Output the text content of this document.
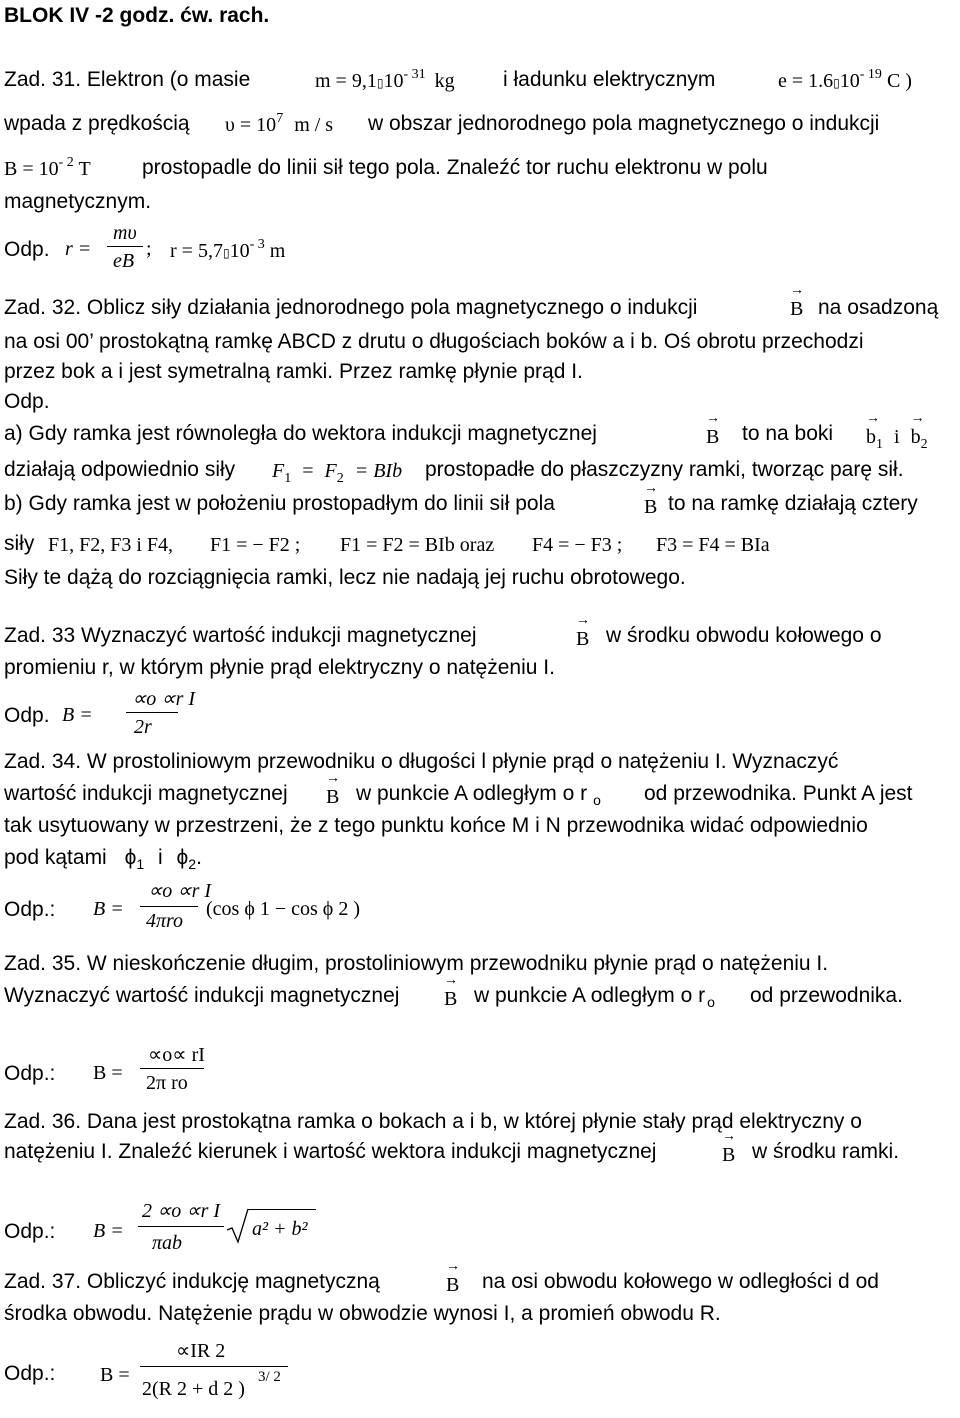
BLOK IV -2 godz. ćw. rach.
Zad. 31. Elektron (o masie	$m = 9,1▯10^{- 31}$ kg i ładunku elektrycznym	$e = 1.6▯10^{- 19}$ C )
wpada z prędkością $\upsilon = 10^7$ m / s w obszar jednorodnego pola magnetycznego o indukcji
$B = 10^{- 2}$ T prostopadle do linii sił tego pola. Znaleźć tor ruchu elektronu w polu
magnetycznym.
Odp. r =
mυ
eB
; $r = 5,7▯10^{- 3}$ m
Zad. 32. Oblicz siły działania jednorodnego pola magnetycznego o indukcji	→ B na osadzoną
na osi 00’ prostokątną ramkę ABCD z drutu o długościach boków a i b. Oś obrotu przechodzi
przez bok a i jest symetralną ramki. Przez ramkę płynie prąd I.
Odp.
a) Gdy ramka jest równoległa do wektora indukcji magnetycznej	→ B to na boki → $b_1$ $i \to b_2$
działają odpowiednio siły $F_1 = F_2$ = BIb prostopadłe do płaszczyzny ramki, tworząc parę sił.
b) Gdy ramka jest w położeniu prostopadłym do linii sił pola	→ B to na ramkę działają cztery
siły F1, F2, F3 i F4, F1 = − F2 ; F1 = F2 = BIb oraz F4 = − F3 ; F3 = F4 = BIa
Siły te dążą do rozciągnięcia ramki, lecz nie nadają jej ruchu obrotowego.
Zad. 33 Wyznaczyć wartość indukcji magnetycznej	→ B w środku obwodu kołowego o
promieniu r, w którym płynie prąd elektryczny o natężeniu I.
Odp. B =
∝o ∝r I
2r
Zad. 34. W prostoliniowym przewodniku o długości l płynie prąd o natężeniu I. Wyznaczyć
wartość indukcji magnetycznej → B w punkcie A odległym o r $_o$ od przewodnika. Punkt A jest
tak usytuowany w przestrzeni, że z tego punktu końce M i N przewodnika widać odpowiednio
pod kątami $\phi_1$ i $\phi_2$.
Odp.: B =
∝o ∝r I
4πro
(cos ϕ 1 − cos ϕ 2 )
Zad. 35. W nieskończenie długim, prostoliniowym przewodniku płynie prąd o natężeniu I.
Wyznaczyć wartość indukcji magnetycznej → B w punkcie A odległym o r $_o$ od przewodnika.
Odp.: B =
∝o∝ rI
2π ro
Zad. 36. Dana jest prostokątna ramka o bokach a i b, w której płynie stały prąd elektryczny o
natężeniu I. Znaleźć kierunek i wartość wektora indukcji magnetycznej	→ B w środku ramki.
Odp.: B =
2 ∝o ∝r I
πab
a² + b²
Zad. 37. Obliczyć indukcję magnetyczną	→ B na osi obwodu kołowego w odległości d od
środka obwodu. Natężenie prądu w obwodzie wynosi I, a promień obwodu R.
Odp.: B =
∝IR 2
2(R 2 + d 2 )
3/ 2
